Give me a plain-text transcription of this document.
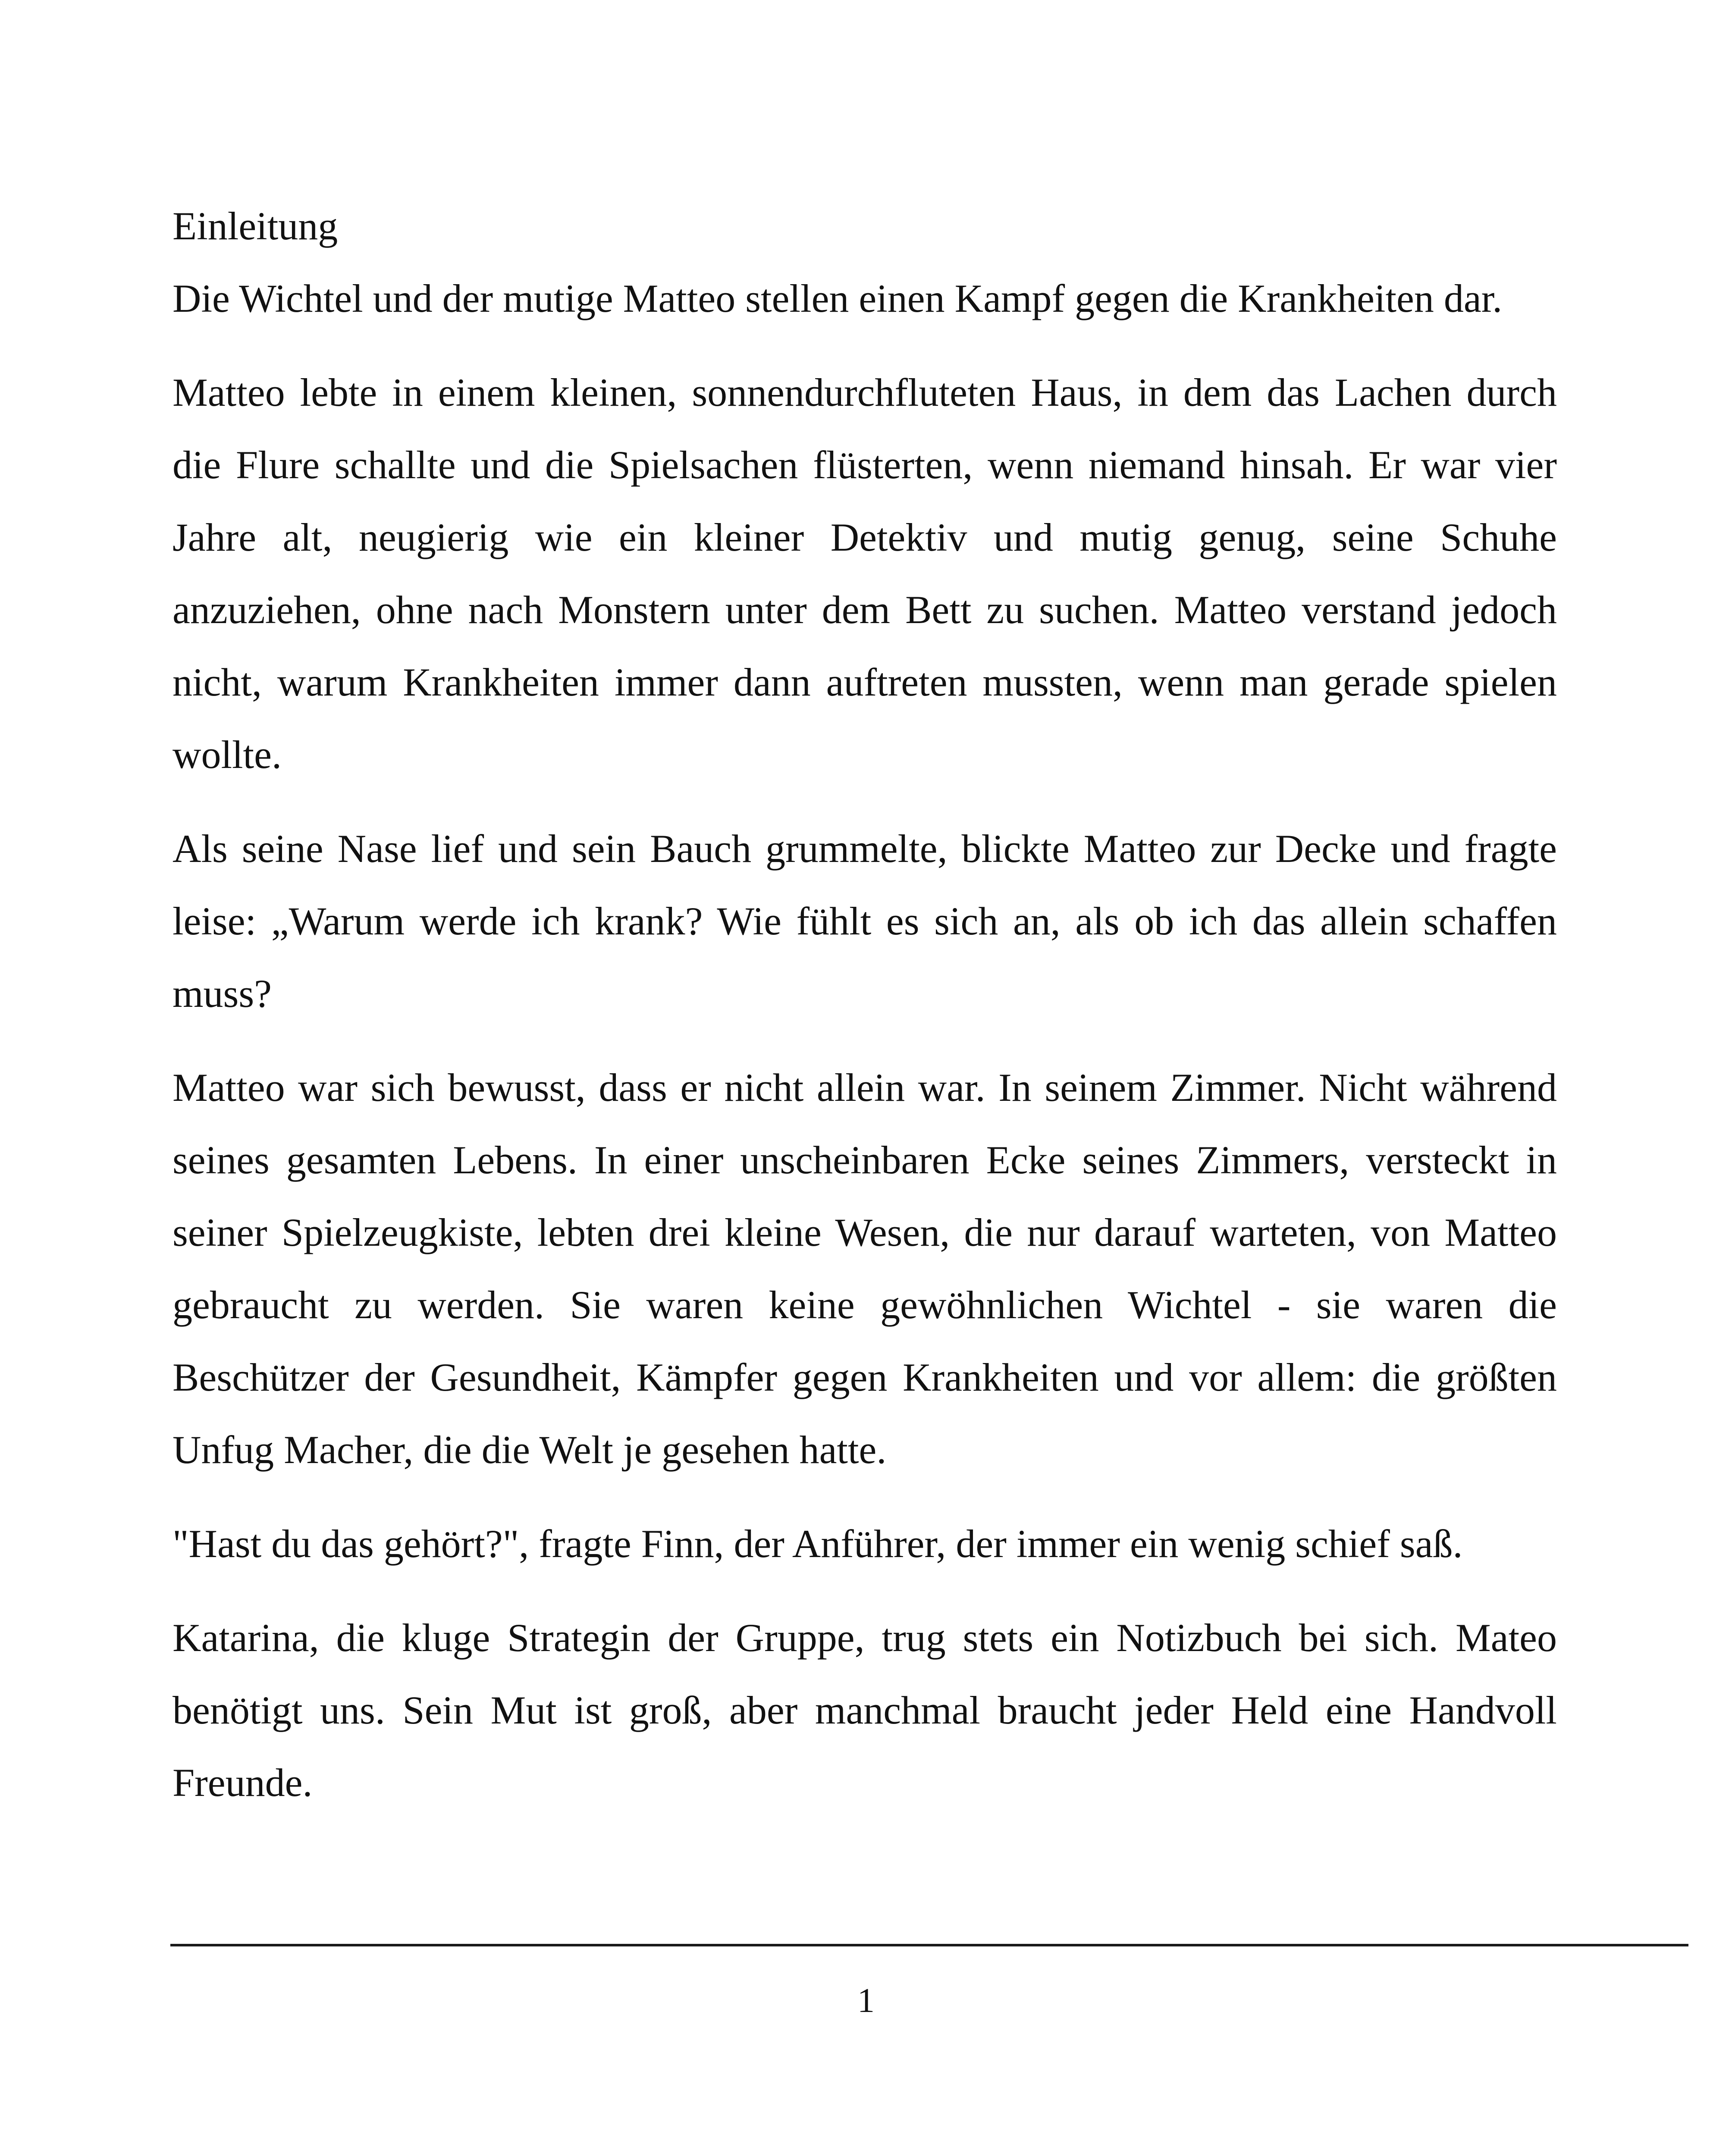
Einleitung

Die Wichtel und der mutige Matteo stellen einen Kampf gegen die Krankheiten dar.

Matteo lebte in einem kleinen, sonnendurchfluteten Haus, in dem das Lachen durch die Flure schallte und die Spielsachen flüsterten, wenn niemand hinsah. Er war vier Jahre alt, neugierig wie ein kleiner Detektiv und mutig genug, seine Schuhe anzuziehen, ohne nach Monstern unter dem Bett zu suchen. Matteo verstand jedoch nicht, warum Krankheiten immer dann auftreten mussten, wenn man gerade spielen wollte.

Als seine Nase lief und sein Bauch grummelte, blickte Matteo zur Decke und fragte leise: „Warum werde ich krank? Wie fühlt es sich an, als ob ich das allein schaffen muss?

Matteo war sich bewusst, dass er nicht allein war. In seinem Zimmer. Nicht während seines gesamten Lebens. In einer unscheinbaren Ecke seines Zimmers, versteckt in seiner Spielzeugkiste, lebten drei kleine Wesen, die nur darauf warteten, von Matteo gebraucht zu werden. Sie waren keine gewöhnlichen Wichtel - sie waren die Beschützer der Gesundheit, Kämpfer gegen Krankheiten und vor allem: die größten Unfug Macher, die die Welt je gesehen hatte.

"Hast du das gehört?", fragte Finn, der Anführer, der immer ein wenig schief saß.

Katarina, die kluge Strategin der Gruppe, trug stets ein Notizbuch bei sich. Mateo benötigt uns. Sein Mut ist groß, aber manchmal braucht jeder Held eine Handvoll Freunde.

1
